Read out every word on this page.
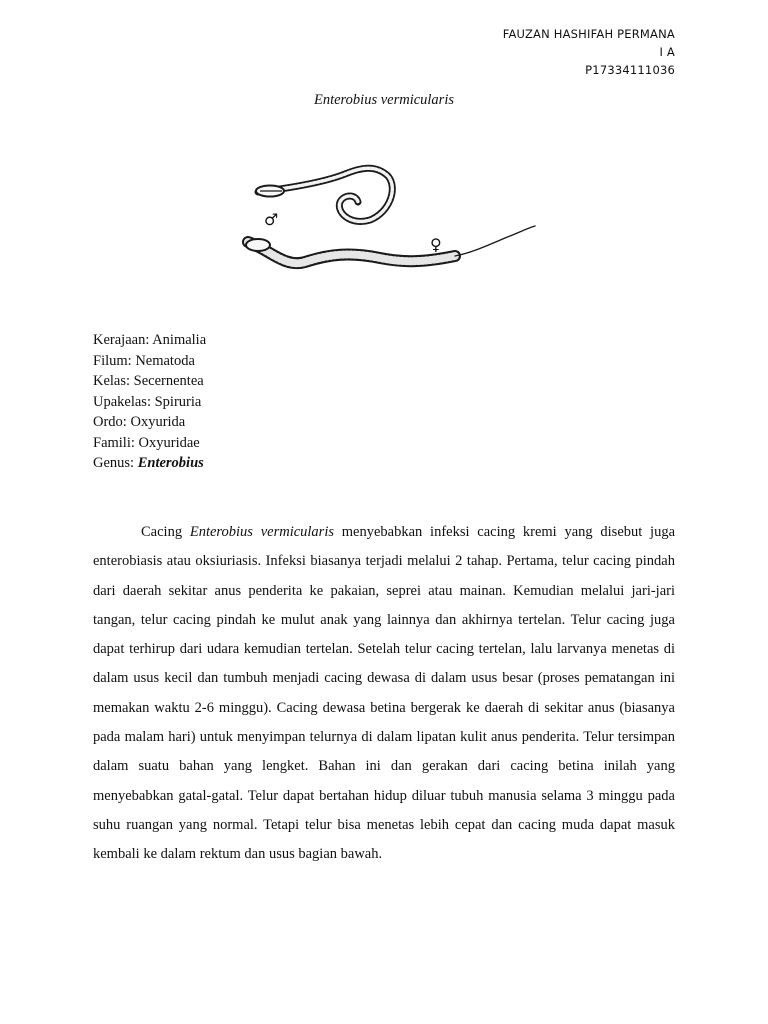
FAUZAN HASHIFAH PERMANA
I A
P17334111036
Enterobius vermicularis
♂
♀
Kerajaan: Animalia
Filum: Nematoda
Kelas: Secernentea
Upakelas: Spiruria
Ordo: Oxyurida
Famili: Oxyuridae
Genus: Enterobius
Cacing Enterobius vermicularis menyebabkan infeksi cacing kremi yang disebut juga enterobiasis atau oksiuriasis. Infeksi biasanya terjadi melalui 2 tahap. Pertama, telur cacing pindah dari daerah sekitar anus penderita ke pakaian, seprei atau mainan. Kemudian melalui jari-jari tangan, telur cacing pindah ke mulut anak yang lainnya dan akhirnya tertelan. Telur cacing juga dapat terhirup dari udara kemudian tertelan. Setelah telur cacing tertelan, lalu larvanya menetas di dalam usus kecil dan tumbuh menjadi cacing dewasa di dalam usus besar (proses pematangan ini memakan waktu 2-6 minggu). Cacing dewasa betina bergerak ke daerah di sekitar anus (biasanya pada malam hari) untuk menyimpan telurnya di dalam lipatan kulit anus penderita. Telur tersimpan dalam suatu bahan yang lengket. Bahan ini dan gerakan dari cacing betina inilah yang menyebabkan gatal-gatal. Telur dapat bertahan hidup diluar tubuh manusia selama 3 minggu pada suhu ruangan yang normal. Tetapi telur bisa menetas lebih cepat dan cacing muda dapat masuk kembali ke dalam rektum dan usus bagian bawah.
